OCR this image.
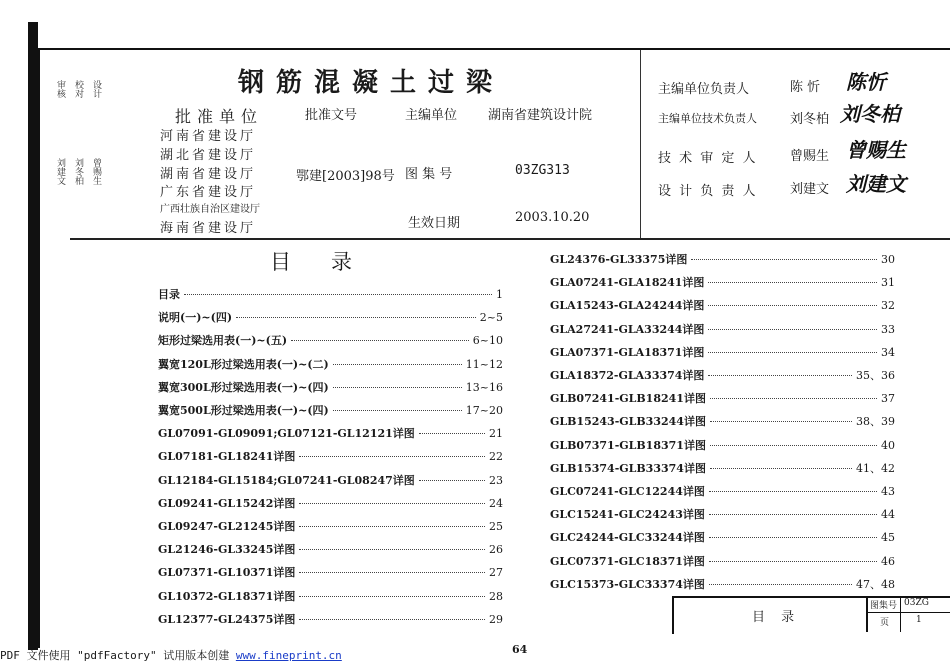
审核 校对 设计
刘建文 刘冬柏 曾赐生
钢筋混凝土过梁
批准单位	批准文号	主编单位 湖南省建筑设计院
河南省建设厅
湖北省建设厅
湖南省建设厅
广东省建设厅
广西壮族自治区建设厅
海南省建设厅
鄂建[2003]98号 图 集 号	03ZG313
生效日期	2003.10.20
主编单位负责人	陈 忻 陈忻
主编单位技术负责人	刘冬柏 刘冬柏
技 术 审 定 人 曾赐生 曾赐生
设 计 负 责 人 刘建文 刘建文
目录
目录	1
说明(一)~(四)	2~5
矩形过梁选用表(一)~(五)	6~10
翼宽120L形过梁选用表(一)~(二)	11~12
翼宽300L形过梁选用表(一)~(四)	13~16
翼宽500L形过梁选用表(一)~(四)	17~20
GL07091-GL09091;GL07121-GL12121详图	21
GL07181-GL18241详图	22
GL12184-GL15184;GL07241-GL08247详图	23
GL09241-GL15242详图	24
GL09247-GL21245详图	25
GL21246-GL33245详图	26
GL07371-GL10371详图	27
GL10372-GL18371详图	28
GL12377-GL24375详图	29
GL24376-GL33375详图	30
GLA07241-GLA18241详图	31
GLA15243-GLA24244详图	32
GLA27241-GLA33244详图	33
GLA07371-GLA18371详图	34
GLA18372-GLA33374详图	35、36
GLB07241-GLB18241详图	37
GLB15243-GLB33244详图	38、39
GLB07371-GLB18371详图	40
GLB15374-GLB33374详图	41、42
GLC07241-GLC12244详图	43
GLC15241-GLC24243详图	44
GLC24244-GLC33244详图	45
GLC07371-GLC18371详图	46
GLC15373-GLC33374详图	47、48
目 录
图集号 03ZG
页	1
64
PDF 文件使用 "pdfFactory" 试用版本创建 www.fineprint.cn
